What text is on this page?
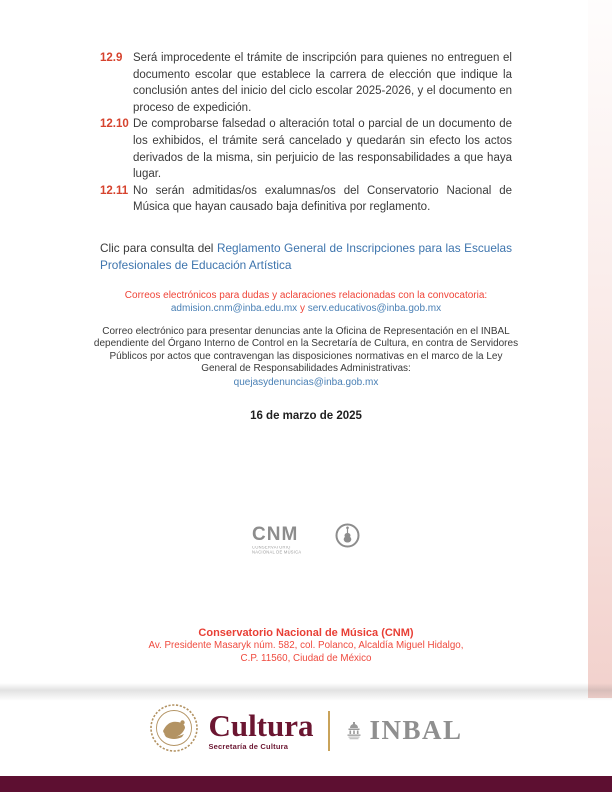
12.9 Será improcedente el trámite de inscripción para quienes no entreguen el documento escolar que establece la carrera de elección que indique la conclusión antes del inicio del ciclo escolar 2025-2026, y el documento en proceso de expedición.
12.10 De comprobarse falsedad o alteración total o parcial de un documento de los exhibidos, el trámite será cancelado y quedarán sin efecto los actos derivados de la misma, sin perjuicio de las responsabilidades a que haya lugar.
12.11 No serán admitidas/os exalumnas/os del Conservatorio Nacional de Música que hayan causado baja definitiva por reglamento.

Clic para consulta del Reglamento General de Inscripciones para las Escuelas Profesionales de Educación Artística

Correos electrónicos para dudas y aclaraciones relacionadas con la convocatoria:
admision.cnm@inba.edu.mx y serv.educativos@inba.gob.mx
Correo electrónico para presentar denuncias ante la Oficina de Representación en el INBAL dependiente del Órgano Interno de Control en la Secretaría de Cultura, en contra de Servidores Públicos por actos que contravengan las disposiciones normativas en el marco de la Ley General de Responsabilidades Administrativas:
quejasydenuncias@inba.gob.mx
16 de marzo de 2025
CNM
CONSERVATORIO NACIONAL DE MÚSICA
Conservatorio Nacional de Música (CNM)
Av. Presidente Masaryk núm. 582, col. Polanco, Alcaldía Miguel Hidalgo,
C.P. 11560, Ciudad de México
Cultura
Secretaría de Cultura
INBAL
